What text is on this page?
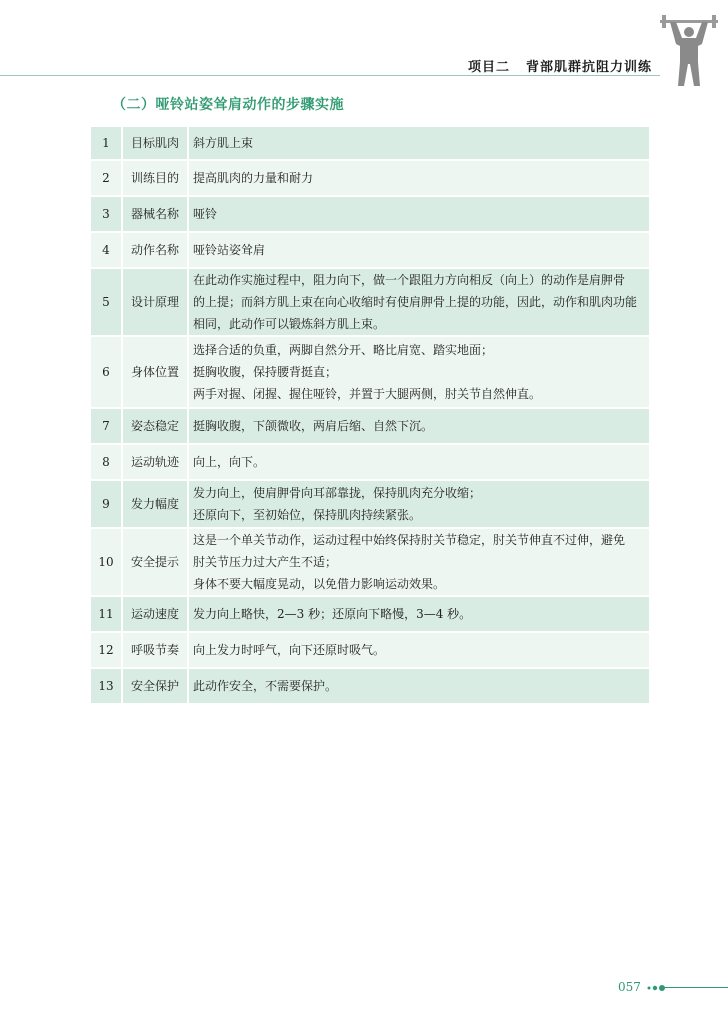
项目二 背部肌群抗阻力训练
（二）哑铃站姿耸肩动作的步骤实施
1	目标肌肉	斜方肌上束

2	训练目的	提高肌肉的力量和耐力

3	器械名称	哑铃

4	动作名称	哑铃站姿耸肩

5	设计原理	在此动作实施过程中，阻力向下，做一个跟阻力方向相反（向上）的动作是肩胛骨
的上提；而斜方肌上束在向心收缩时有使肩胛骨上提的功能，因此，动作和肌肉功能
相同，此动作可以锻炼斜方肌上束。

6	身体位置	选择合适的负重，两脚自然分开、略比肩宽、踏实地面；
挺胸收腹，保持腰背挺直；
两手对握、闭握、握住哑铃，并置于大腿两侧，肘关节自然伸直。

7	姿态稳定	挺胸收腹，下颌微收，两肩后缩、自然下沉。

8	运动轨迹	向上，向下。

9	发力幅度	发力向上，使肩胛骨向耳部靠拢，保持肌肉充分收缩；
还原向下，至初始位，保持肌肉持续紧张。

10	安全提示	这是一个单关节动作，运动过程中始终保持肘关节稳定，肘关节伸直不过伸，避免
肘关节压力过大产生不适；
身体不要大幅度晃动，以免借力影响运动效果。

11	运动速度	发力向上略快，2—3 秒；还原向下略慢，3—4 秒。

12	呼吸节奏	向上发力时呼气，向下还原时吸气。

13	安全保护	此动作安全，不需要保护。
057
